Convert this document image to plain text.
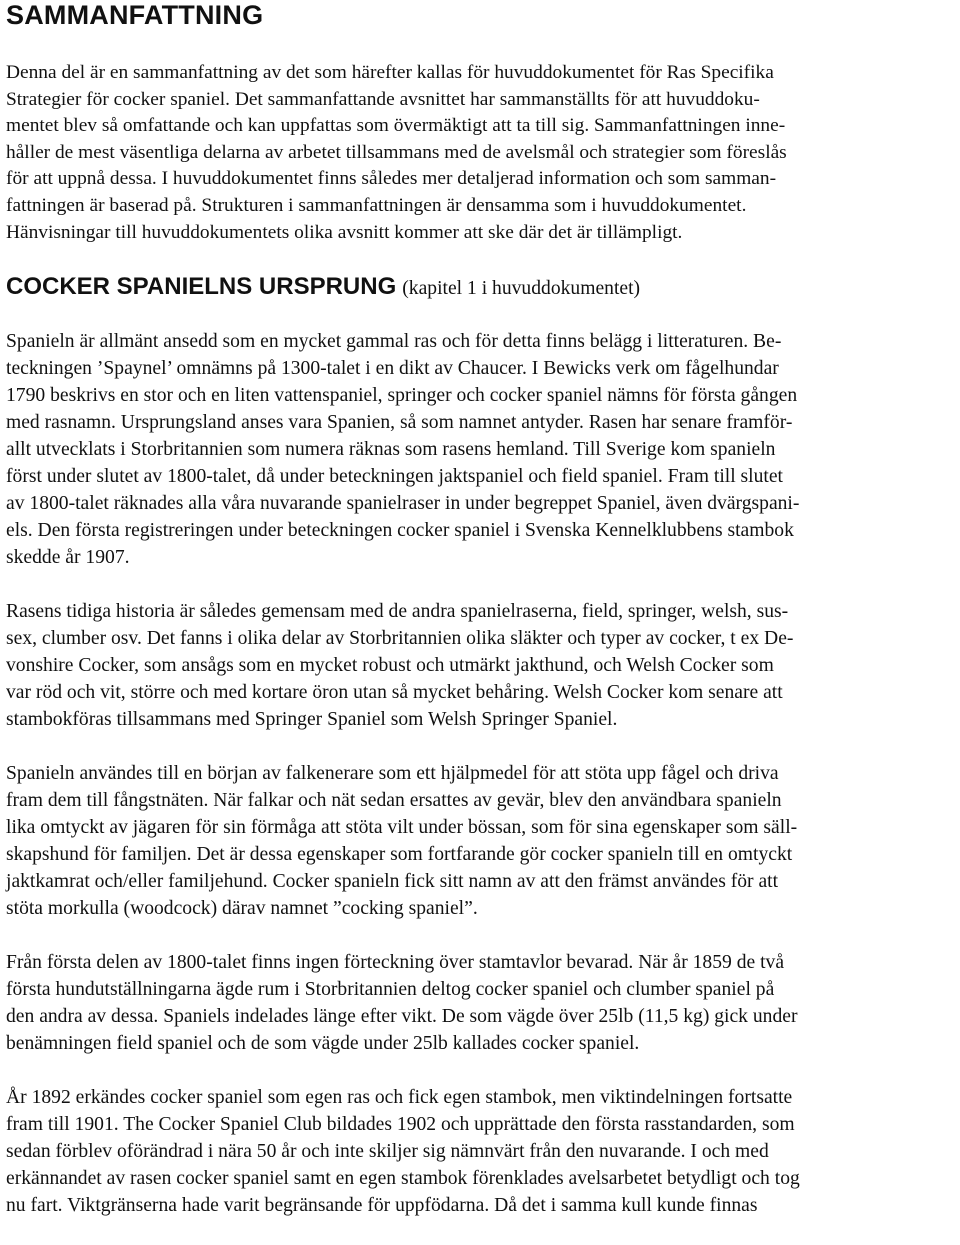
SAMMANFATTNING
Denna del är en sammanfattning av det som härefter kallas för huvuddokumentet för Ras Specifika
Strategier för cocker spaniel. Det sammanfattande avsnittet har sammanställts för att huvuddoku-
mentet blev så omfattande och kan uppfattas som övermäktigt att ta till sig. Sammanfattningen inne-
håller de mest väsentliga delarna av arbetet tillsammans med de avelsmål och strategier som föreslås
för att uppnå dessa. I huvuddokumentet finns således mer detaljerad information och som samman-
fattningen är baserad på. Strukturen i sammanfattningen är densamma som i huvuddokumentet.
Hänvisningar till huvuddokumentets olika avsnitt kommer att ske där det är tillämpligt.
COCKER SPANIELNS URSPRUNG (kapitel 1 i huvuddokumentet)
Spanieln är allmänt ansedd som en mycket gammal ras och för detta finns belägg i litteraturen. Be-
teckningen ’Spaynel’ omnämns på 1300-talet i en dikt av Chaucer. I Bewicks verk om fågelhundar
1790 beskrivs en stor och en liten vattenspaniel, springer och cocker spaniel nämns för första gången
med rasnamn. Ursprungsland anses vara Spanien, så som namnet antyder. Rasen har senare framför-
allt utvecklats i Storbritannien som numera räknas som rasens hemland. Till Sverige kom spanieln
först under slutet av 1800-talet, då under beteckningen jaktspaniel och field spaniel. Fram till slutet
av 1800-talet räknades alla våra nuvarande spanielraser in under begreppet Spaniel, även dvärgspani-
els. Den första registreringen under beteckningen cocker spaniel i Svenska Kennelklubbens stambok
skedde år 1907.
Rasens tidiga historia är således gemensam med de andra spanielraserna, field, springer, welsh, sus-
sex, clumber osv. Det fanns i olika delar av Storbritannien olika släkter och typer av cocker, t ex De-
vonshire Cocker, som ansågs som en mycket robust och utmärkt jakthund, och Welsh Cocker som
var röd och vit, större och med kortare öron utan så mycket behåring. Welsh Cocker kom senare att
stambokföras tillsammans med Springer Spaniel som Welsh Springer Spaniel.
Spanieln användes till en början av falkenerare som ett hjälpmedel för att stöta upp fågel och driva
fram dem till fångstnäten. När falkar och nät sedan ersattes av gevär, blev den användbara spanieln
lika omtyckt av jägaren för sin förmåga att stöta vilt under bössan, som för sina egenskaper som säll-
skapshund för familjen. Det är dessa egenskaper som fortfarande gör cocker spanieln till en omtyckt
jaktkamrat och/eller familjehund. Cocker spanieln fick sitt namn av att den främst användes för att
stöta morkulla (woodcock) därav namnet ”cocking spaniel”.
Från första delen av 1800-talet finns ingen förteckning över stamtavlor bevarad. När år 1859 de två
första hundutställningarna ägde rum i Storbritannien deltog cocker spaniel och clumber spaniel på
den andra av dessa. Spaniels indelades länge efter vikt. De som vägde över 25lb (11,5 kg) gick under
benämningen field spaniel och de som vägde under 25lb kallades cocker spaniel.
År 1892 erkändes cocker spaniel som egen ras och fick egen stambok, men viktindelningen fortsatte
fram till 1901. The Cocker Spaniel Club bildades 1902 och upprättade den första rasstandarden, som
sedan förblev oförändrad i nära 50 år och inte skiljer sig nämnvärt från den nuvarande. I och med
erkännandet av rasen cocker spaniel samt en egen stambok förenklades avelsarbetet betydligt och tog
nu fart. Viktgränserna hade varit begränsande för uppfödarna. Då det i samma kull kunde finnas
